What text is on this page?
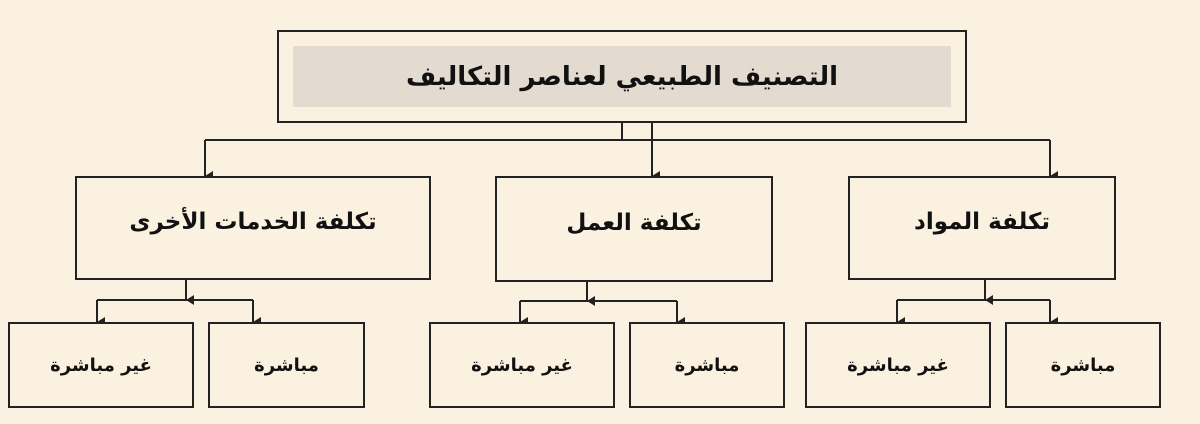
التصنيف الطبيعي لعناصر التكاليف
تكلفة المواد
تكلفة العمل
تكلفة الخدمات الأخرى
مباشرة
غير مباشرة
مباشرة
غير مباشرة
مباشرة
غير مباشرة
